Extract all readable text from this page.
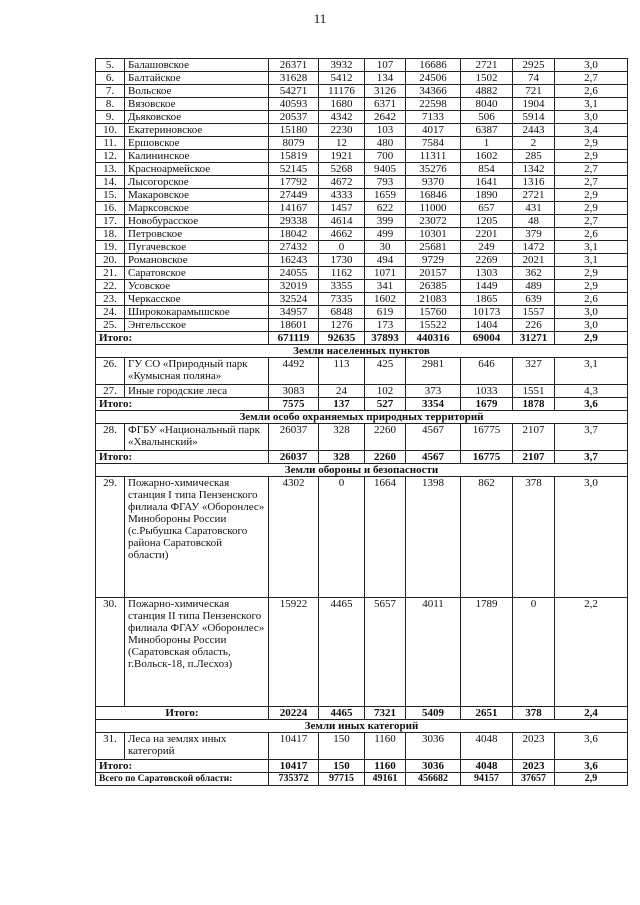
11
5.	Балашовское	26371	3932	107	16686	2721	2925	3,0
6.	Балтайское	31628	5412	134	24506	1502	74	2,7
7.	Вольское	54271	11176	3126	34366	4882	721	2,6
8.	Вязовское	40593	1680	6371	22598	8040	1904	3,1
9.	Дьяковское	20537	4342	2642	7133	506	5914	3,0
10.	Екатериновское	15180	2230	103	4017	6387	2443	3,4
11.	Ершовское	8079	12	480	7584	1	2	2,9
12.	Калининское	15819	1921	700	11311	1602	285	2,9
13.	Красноармейское	52145	5268	9405	35276	854	1342	2,7
14.	Лысогорское	17792	4672	793	9370	1641	1316	2,7
15.	Макаровское	27449	4333	1659	16846	1890	2721	2,9
16.	Марксовское	14167	1457	622	11000	657	431	2,9
17.	Новобурасское	29338	4614	399	23072	1205	48	2,7
18.	Петровское	18042	4662	499	10301	2201	379	2,6
19.	Пугачевское	27432	0	30	25681	249	1472	3,1
20.	Романовское	16243	1730	494	9729	2269	2021	3,1
21.	Саратовское	24055	1162	1071	20157	1303	362	2,9
22.	Усовское	32019	3355	341	26385	1449	489	2,9
23.	Черкасское	32524	7335	1602	21083	1865	639	2,6
24.	Ширококарамышское	34957	6848	619	15760	10173	1557	3,0
25.	Энгельсское	18601	1276	173	15522	1404	226	3,0
Итого:		671119	92635	37893	440316	69004	31271	2,9
Земли населенных пунктов								
26.	ГУ СО «Природный парк «Кумысная поляна»	4492	113	425	2981	646	327	3,1
27.	Иные городские леса	3083	24	102	373	1033	1551	4,3
Итого:		7575	137	527	3354	1679	1878	3,6
Земли особо охраняемых природных территорий								
28.	ФГБУ «Национальный парк «Хвалынский»	26037	328	2260	4567	16775	2107	3,7
Итого:		26037	328	2260	4567	16775	2107	3,7
Земли обороны и безопасности								
29.	Пожарно-химическая станция I типа Пензенского филиала ФГАУ «Оборонлес» Минобороны России (с.Рыбушка Саратовского района Саратовской области)	4302	0	1664	1398	862	378	3,0
30.	Пожарно-химическая станция II типа Пензенского филиала ФГАУ «Оборонлес» Минобороны России (Саратовская область, г.Вольск-18, п.Лесхоз)	15922	4465	5657	4011	1789	0	2,2
Итого:		20224	4465	7321	5409	2651	378	2,4
Земли иных категорий								
31.	Леса на землях иных категорий	10417	150	1160	3036	4048	2023	3,6
Итого:		10417	150	1160	3036	4048	2023	3,6
Всего по Саратовской области:		735372	97715	49161	456682	94157	37657	2,9
